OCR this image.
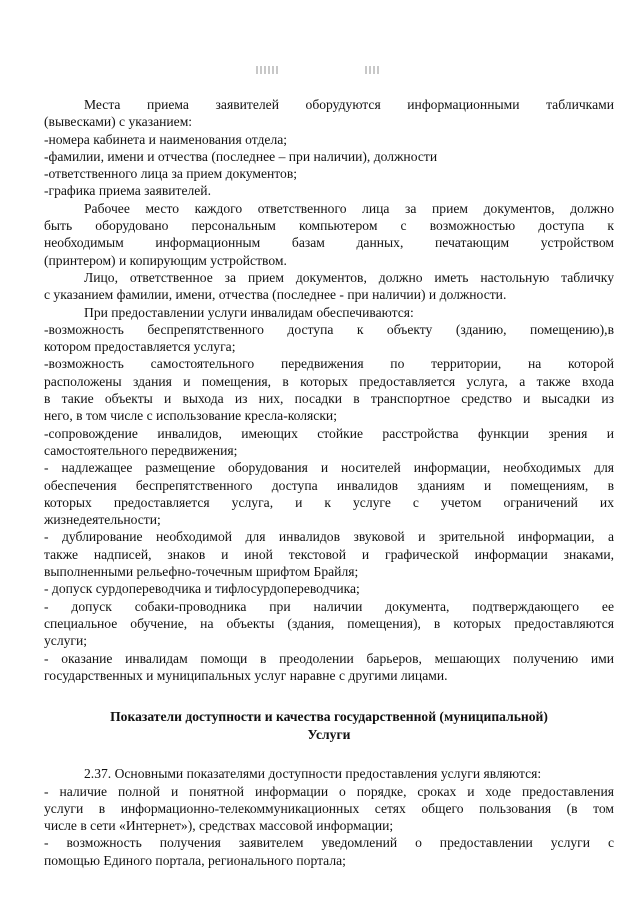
Места приема заявителей оборудуются информационными табличками

(вывесками) с указанием:

-номера кабинета и наименования отдела;

-фамилии, имени и отчества (последнее – при наличии), должности

-ответственного лица за прием документов;

-графика приема заявителей.

Рабочее место каждого ответственного лица за прием документов, должно

быть оборудовано персональным компьютером с возможностью доступа к

необходимым информационным базам данных, печатающим устройством

(принтером) и копирующим устройством.

Лицо, ответственное за прием документов, должно иметь настольную табличку

с указанием фамилии, имени, отчества (последнее - при наличии) и должности.

При предоставлении услуги инвалидам обеспечиваются:

-возможность беспрепятственного доступа к объекту (зданию, помещению),в

котором предоставляется услуга;

-возможность самостоятельного передвижения по территории, на которой

расположены здания и помещения, в которых предоставляется услуга, а также входа

в такие объекты и выхода из них, посадки в транспортное средство и высадки из

него, в том числе с использование кресла-коляски;

-сопровождение инвалидов, имеющих стойкие расстройства функции зрения и

самостоятельного передвижения;

- надлежащее размещение оборудования и носителей информации, необходимых для

обеспечения беспрепятственного доступа инвалидов зданиям и помещениям, в

которых предоставляется услуга, и к услуге с учетом ограничений их

жизнедеятельности;

- дублирование необходимой для инвалидов звуковой и зрительной информации, а

также надписей, знаков и иной текстовой и графической информации знаками,

выполненными рельефно-точечным шрифтом Брайля;

- допуск сурдопереводчика и тифлосурдопереводчика;

- допуск собаки-проводника при наличии документа, подтверждающего ее

специальное обучение, на объекты (здания, помещения), в которых предоставляются

услуги;

- оказание инвалидам помощи в преодолении барьеров, мешающих получению ими

государственных и муниципальных услуг наравне с другими лицами.

Показатели доступности и качества государственной (муниципальной)
Услуги

2.37. Основными показателями доступности предоставления услуги являются:

- наличие полной и понятной информации о порядке, сроках и ходе предоставления

услуги в информационно-телекоммуникационных сетях общего пользования (в том

числе в сети «Интернет»), средствах массовой информации;

- возможность получения заявителем уведомлений о предоставлении услуги с

помощью Единого портала, регионального портала;
